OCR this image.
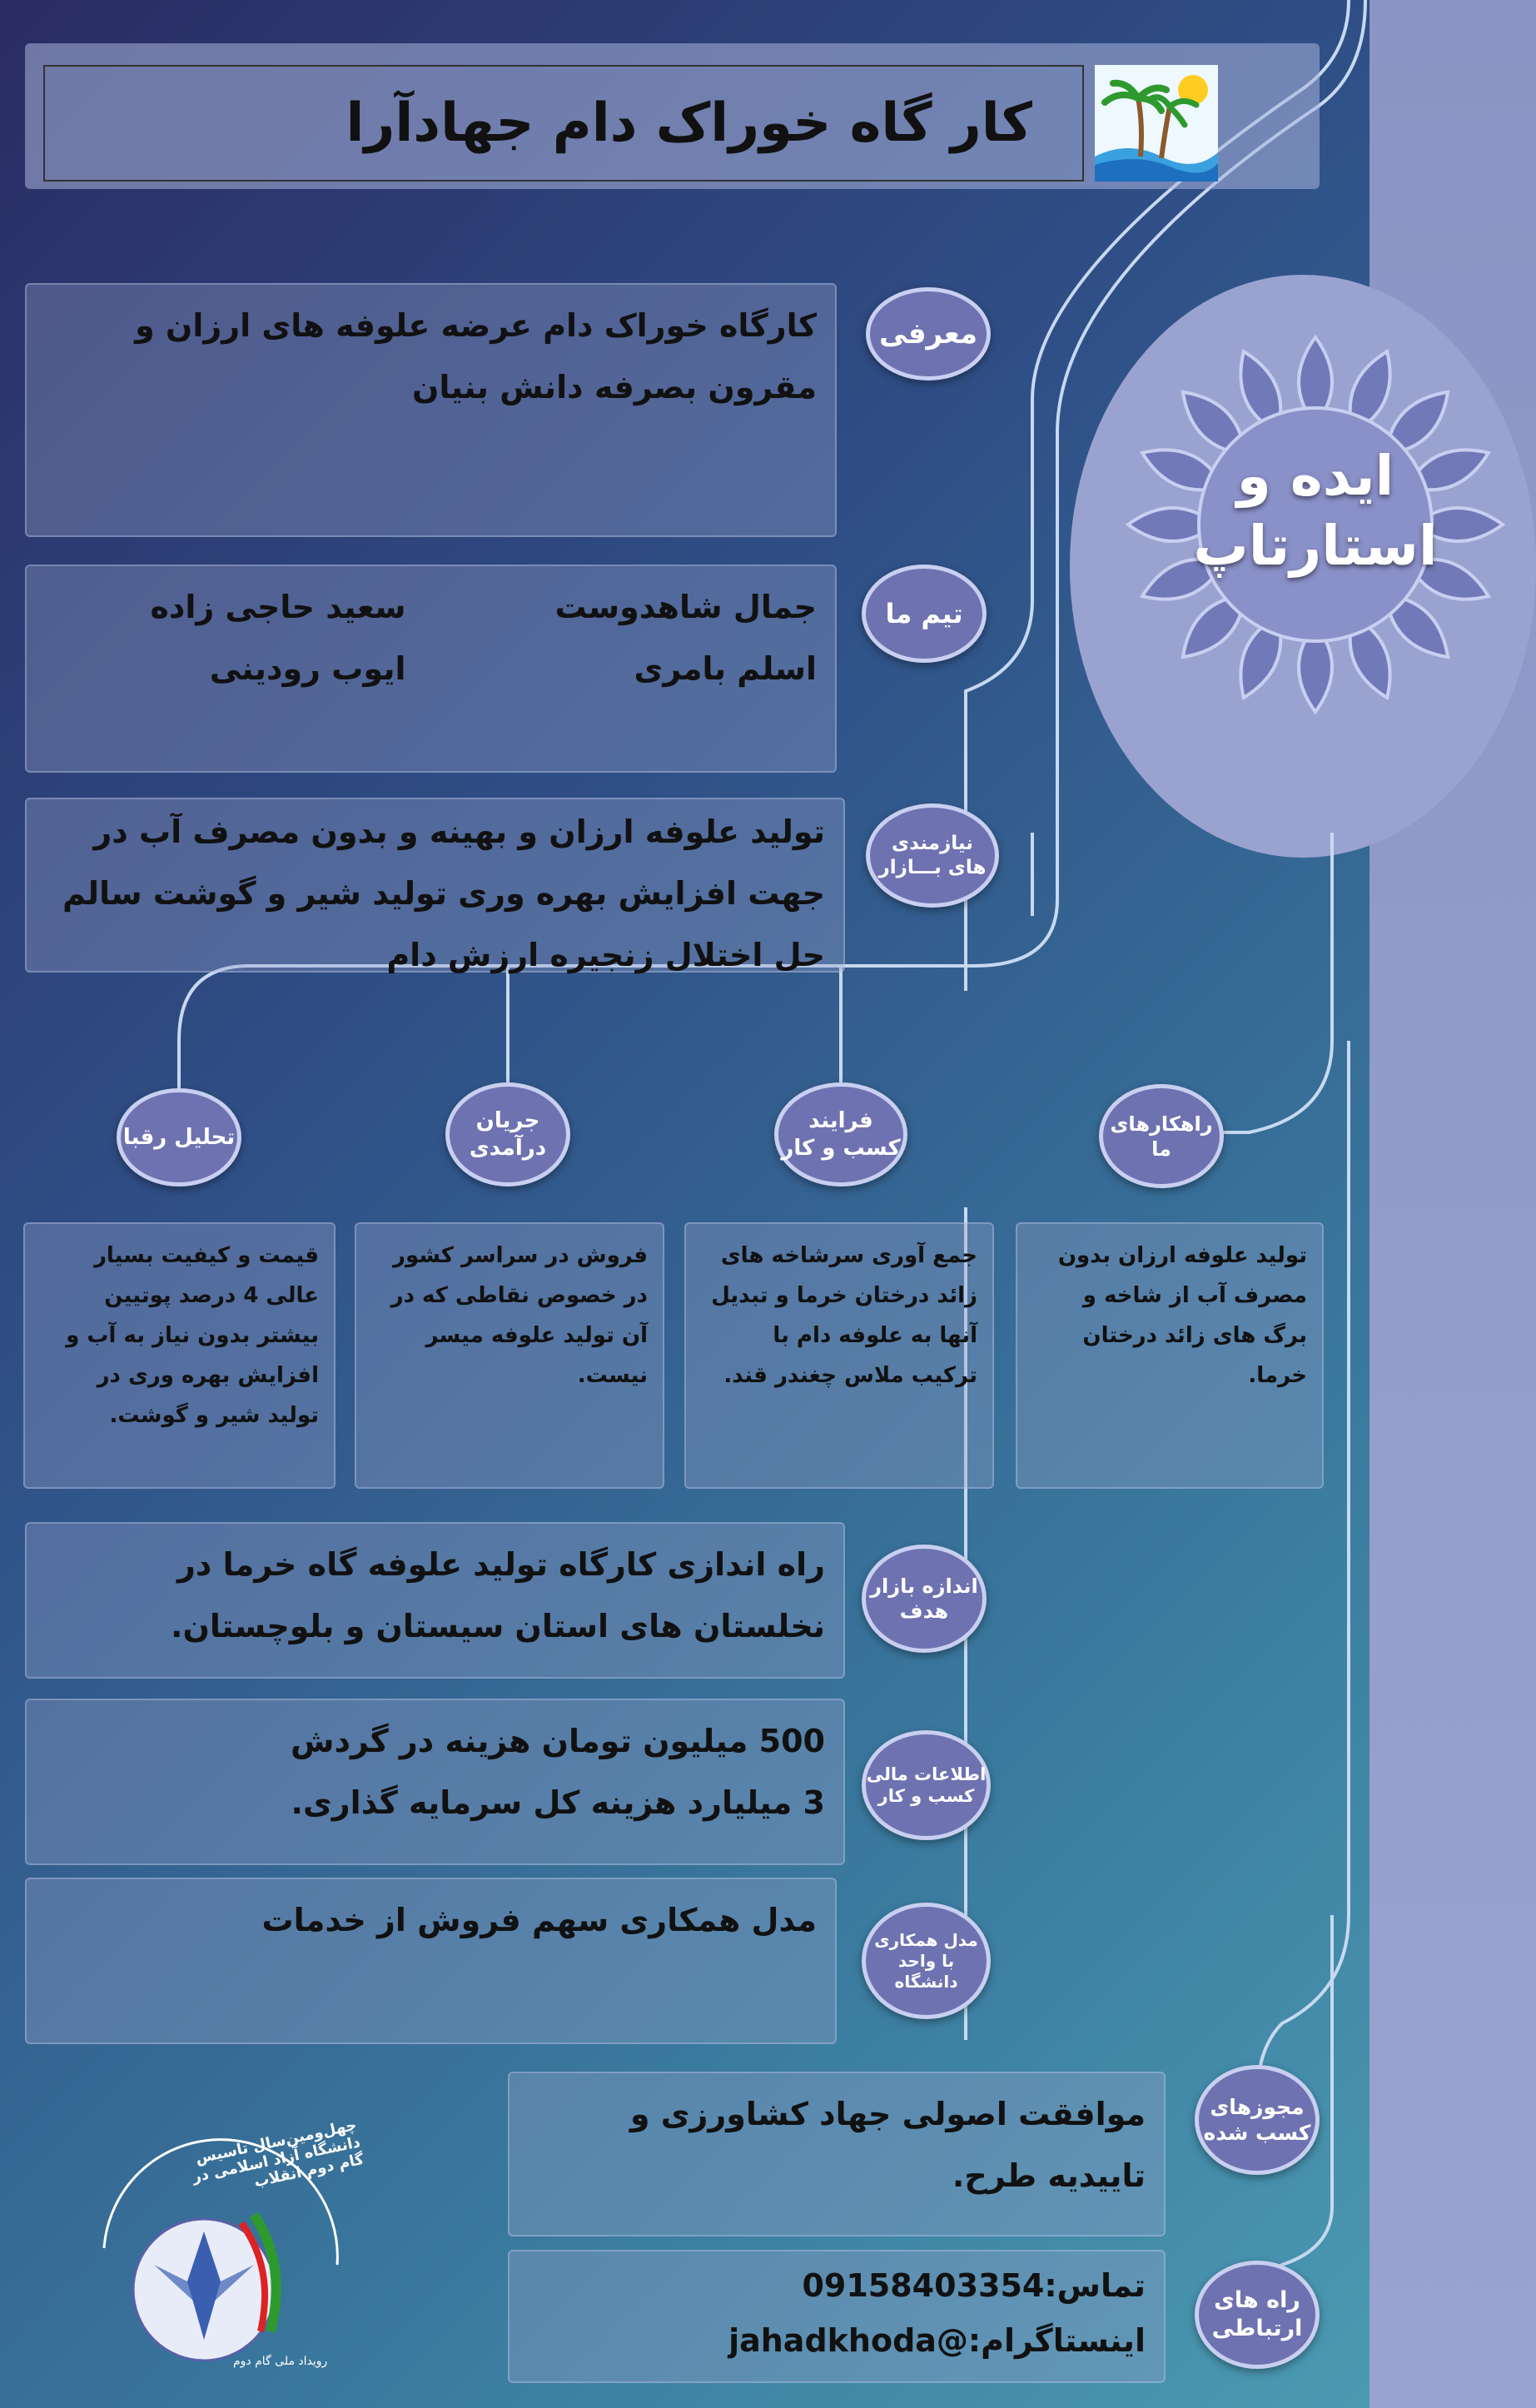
کار گاه خوراک دام جهادآرا
ایده و
استارتاپ
کارگاه خوراک دام عرضه علوفه های ارزان و مقرون بصرفه دانش بنیان
معرفی
جمال شاهدوست
سعید حاجی زاده
اسلم بامری
ایوب رودینی
تیم ما
تولید علوفه ارزان و بهینه و بدون مصرف آب در جهت افزایش بهره وری تولید شیر و گوشت سالم حل اختلال زنجیره ارزش دام
نیازمندی های بـــازار
راهکارهای ما
فرایند کسب و کار
جریان درآمدی
تحلیل رقبا
تولید علوفه ارزان بدون مصرف آب از شاخه و برگ های زائد درختان خرما.
جمع آوری سرشاخه های زائد درختان خرما و تبدیل آنها به علوفه دام با ترکیب ملاس چغندر قند.
فروش در سراسر کشور در خصوص نقاطی که در آن تولید علوفه میسر نیست.
قیمت و کیفیت بسیار عالی 4 درصد پوتیین بیشتر بدون نیاز به آب و افزایش بهره وری در تولید شیر و گوشت.
راه اندازی کارگاه تولید علوفه گاه خرما در نخلستان های استان سیستان و بلوچستان.
اندازه بازار هدف
500 میلیون تومان هزینه در گردش
3 میلیارد هزینه کل سرمایه گذاری.
اطلاعات مالی کسب و کار
مدل همکاری سهم فروش از خدمات
مدل همکاری با واحد دانشگاه
موافقت اصولی جهاد کشاورزی و تاییدیه طرح.
مجوزهای کسب شده
تماس:09158403354
اینستاگرام:@jahadkhoda
راه های ارتباطی
چهل‌ومین‌سال تاسیس دانشگاه آزاد اسلامی در گام دوم انقلاب
رویداد ملی گام دوم
